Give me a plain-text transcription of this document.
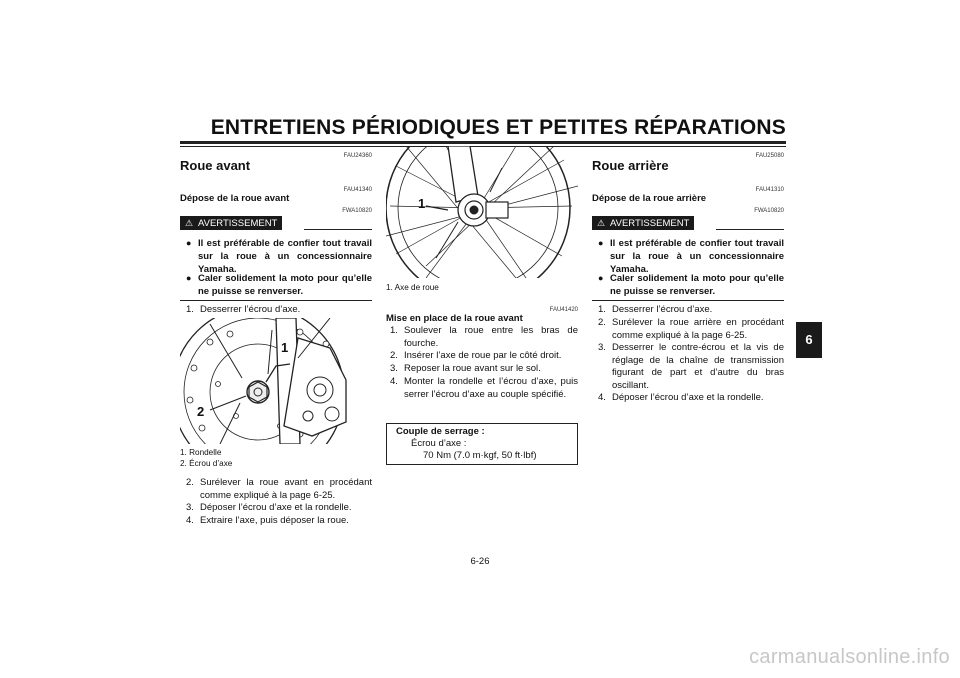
ENTRETIENS PÉRIODIQUES ET PETITES RÉPARATIONS
FAU24360
Roue avant
FAU41340
Dépose de la roue avant
⚠ AVERTISSEMENT
FWA10820
● Il est préférable de confier tout travail sur la roue à un concessionnaire Yamaha.
● Caler solidement la moto pour qu’elle ne puisse se renverser.
1. Desserrer l’écrou d’axe.
1
2
1. Rondelle
2. Écrou d’axe
2. Surélever la roue avant en procédant comme expliqué à la page 6-25.
3. Déposer l’écrou d’axe et la rondelle.
4. Extraire l’axe, puis déposer la roue.
1
1. Axe de roue
FAU41420
Mise en place de la roue avant
1. Soulever la roue entre les bras de fourche.
2. Insérer l’axe de roue par le côté droit.
3. Reposer la roue avant sur le sol.
4. Monter la rondelle et l’écrou d’axe, puis serrer l’écrou d’axe au couple spécifié.
Couple de serrage :
Écrou d’axe :
70 Nm (7.0 m·kgf, 50 ft·lbf)
FAU25080
Roue arrière
FAU41310
Dépose de la roue arrière
⚠ AVERTISSEMENT
FWA10820
● Il est préférable de confier tout travail sur la roue à un concessionnaire Yamaha.
● Caler solidement la moto pour qu’elle ne puisse se renverser.
1. Desserrer l’écrou d’axe.
2. Surélever la roue arrière en procédant comme expliqué à la page 6-25.
3. Desserrer le contre-écrou et la vis de réglage de la chaîne de transmission figurant de part et d’autre du bras oscillant.
4. Déposer l’écrou d’axe et la rondelle.
6
6-26
carmanualsonline.info
